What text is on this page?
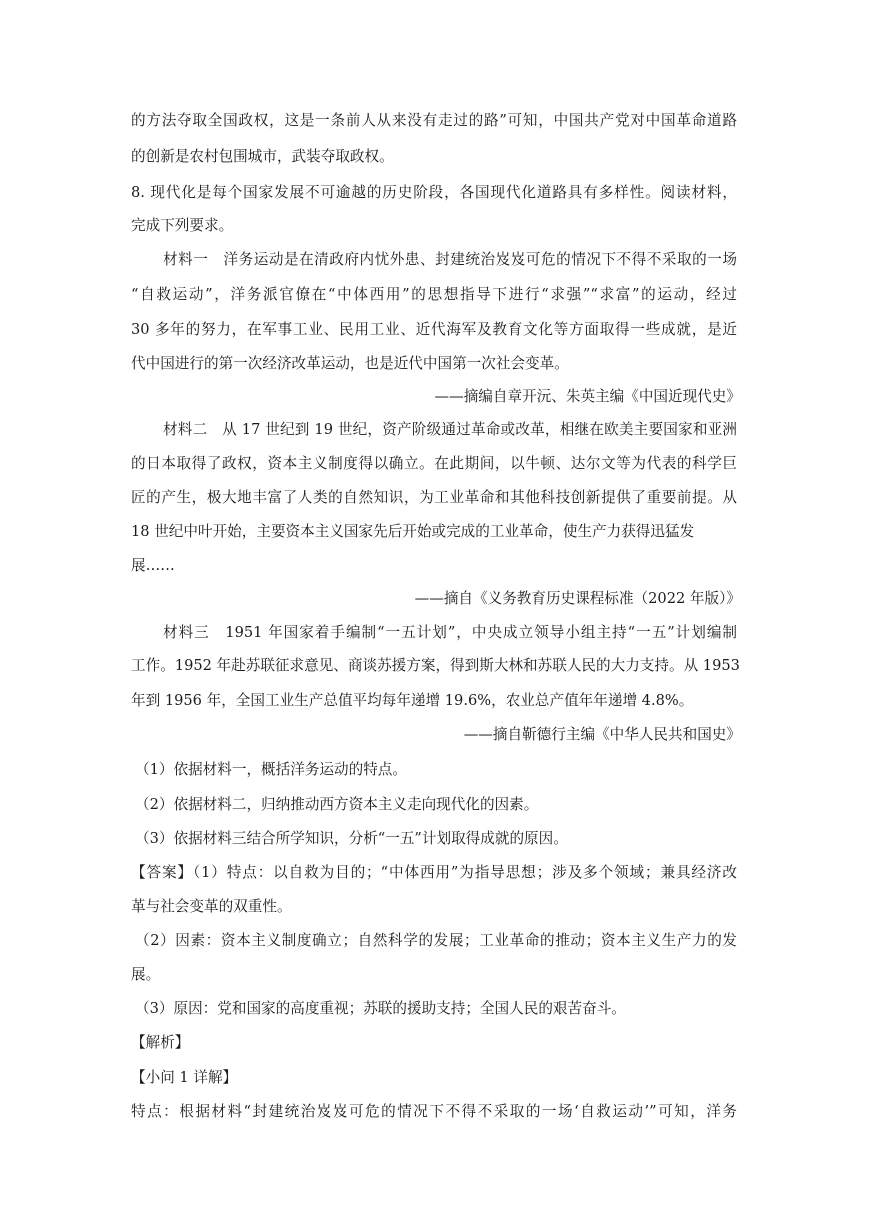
的方法夺取全国政权，这是一条前人从来没有走过的路”可知，中国共产党对中国革命道路
的创新是农村包围城市，武装夺取政权。
8. 现代化是每个国家发展不可逾越的历史阶段，各国现代化道路具有多样性。阅读材料，
完成下列要求。
材料一　洋务运动是在清政府内忧外患、封建统治岌岌可危的情况下不得不采取的一场
“自救运动”，洋务派官僚在“中体西用”的思想指导下进行“求强”“求富”的运动，经过
30 多年的努力，在军事工业、民用工业、近代海军及教育文化等方面取得一些成就，是近
代中国进行的第一次经济改革运动，也是近代中国第一次社会变革。
——摘编自章开沅、朱英主编《中国近现代史》
材料二　从 17 世纪到 19 世纪，资产阶级通过革命或改革，相继在欧美主要国家和亚洲
的日本取得了政权，资本主义制度得以确立。在此期间，以牛顿、达尔文等为代表的科学巨
匠的产生，极大地丰富了人类的自然知识，为工业革命和其他科技创新提供了重要前提。从
18 世纪中叶开始，主要资本主义国家先后开始或完成的工业革命，使生产力获得迅猛发
展……
——摘自《义务教育历史课程标准（2022 年版）》
材料三　1951 年国家着手编制“一五计划”，中央成立领导小组主持“一五”计划编制
工作。1952 年赴苏联征求意见、商谈苏援方案，得到斯大林和苏联人民的大力支持。从 1953
年到 1956 年，全国工业生产总值平均每年递增 19.6%，农业总产值年年递增 4.8%。
——摘自靳德行主编《中华人民共和国史》
（1）依据材料一，概括洋务运动的特点。
（2）依据材料二，归纳推动西方资本主义走向现代化的因素。
（3）依据材料三结合所学知识，分析“一五”计划取得成就的原因。
【答案】（1）特点：以自救为目的；“中体西用”为指导思想；涉及多个领域；兼具经济改
革与社会变革的双重性。
（2）因素：资本主义制度确立；自然科学的发展；工业革命的推动；资本主义生产力的发
展。
（3）原因：党和国家的高度重视；苏联的援助支持；全国人民的艰苦奋斗。
【解析】
【小问 1 详解】
特点：根据材料“封建统治岌岌可危的情况下不得不采取的一场‘自救运动’”可知，洋务
